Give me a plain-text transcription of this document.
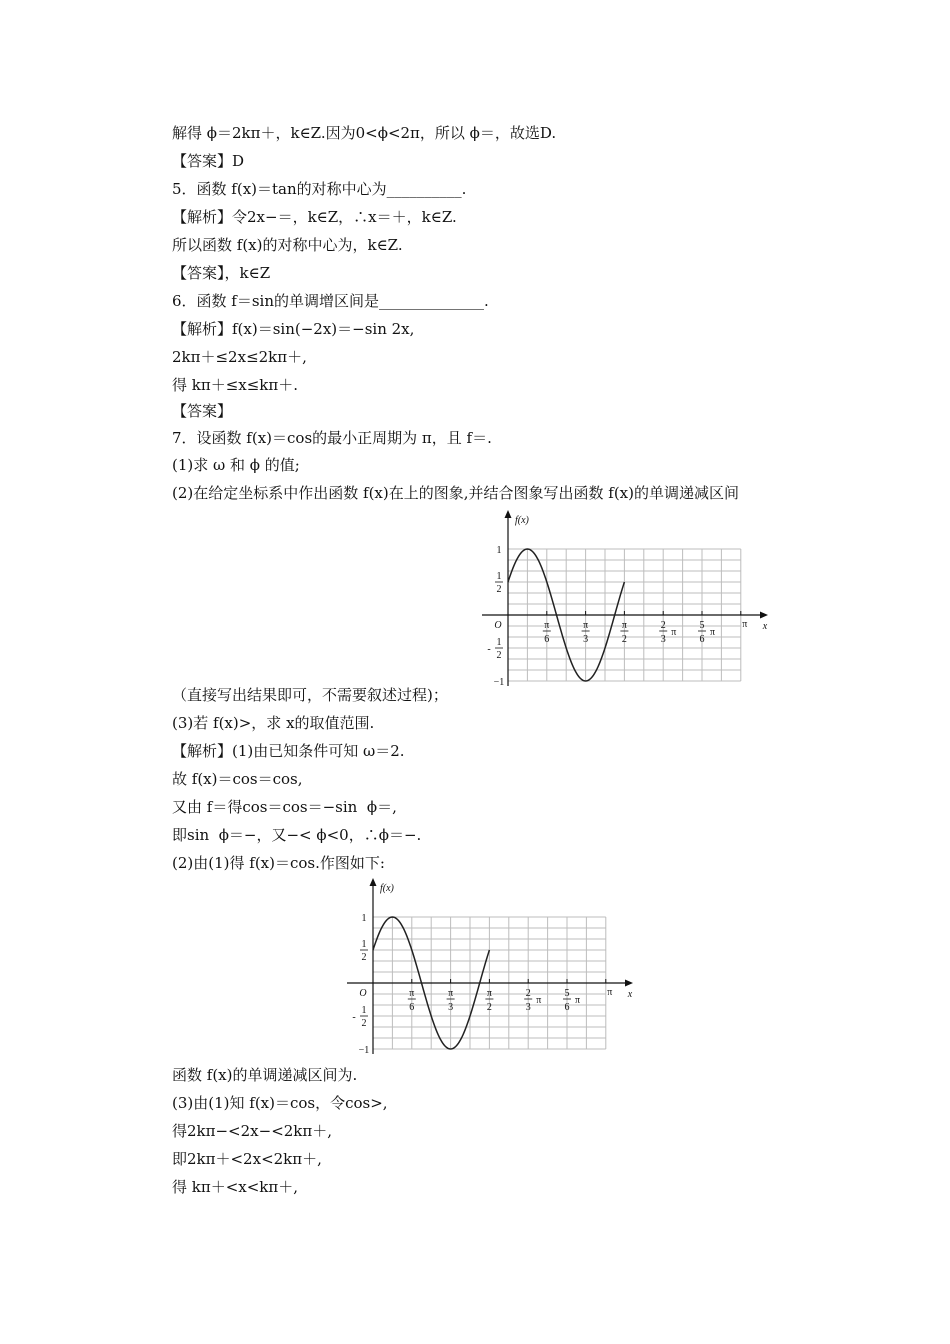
解得 ϕ＝2kπ＋，k∈Z.因为0<ϕ<2π，所以 ϕ＝，故选D.
【答案】D
5．函数 f(x)＝tan的对称中心为__________.
【解析】令2x−＝，k∈Z，∴x＝＋，k∈Z.
所以函数 f(x)的对称中心为，k∈Z.
【答案】，k∈Z
6．函数 f＝sin的单调增区间是______________.
【解析】f(x)＝sin(−2x)＝−sin 2x,
2kπ＋≤2x≤2kπ＋,
得 kπ＋≤x≤kπ＋.
【答案】
7．设函数 f(x)＝cos的最小正周期为 π，且 f＝.
(1)求 ω 和 ϕ 的值;
(2)在给定坐标系中作出函数 f(x)在上的图象,并结合图象写出函数 f(x)的单调递减区间
（直接写出结果即可，不需要叙述过程)；
(3)若 f(x)>，求 x的取值范围.
【解析】(1)由已知条件可知 ω＝2.
故 f(x)＝cos＝cos,
又由 f＝得cos＝cos＝−sin  ϕ＝,
即sin  ϕ＝−，又−< ϕ<0，∴ϕ＝−.
(2)由(1)得 f(x)＝cos.作图如下:
函数 f(x)的单调递减区间为.
(3)由(1)知 f(x)＝cos，令cos>,
得2kπ−<2x−<2kπ＋,
即2kπ＋<2x<2kπ＋,
得 kπ＋<x<kπ＋,
f(x)
x
O
1
1
2
1
2
-
−1
π
6
π
3
π
2
2
3
π
5
6
π
π
f(x)
x
O
1
1
2
1
2
-
−1
π
6
π
3
π
2
2
3
π
5
6
π
π
